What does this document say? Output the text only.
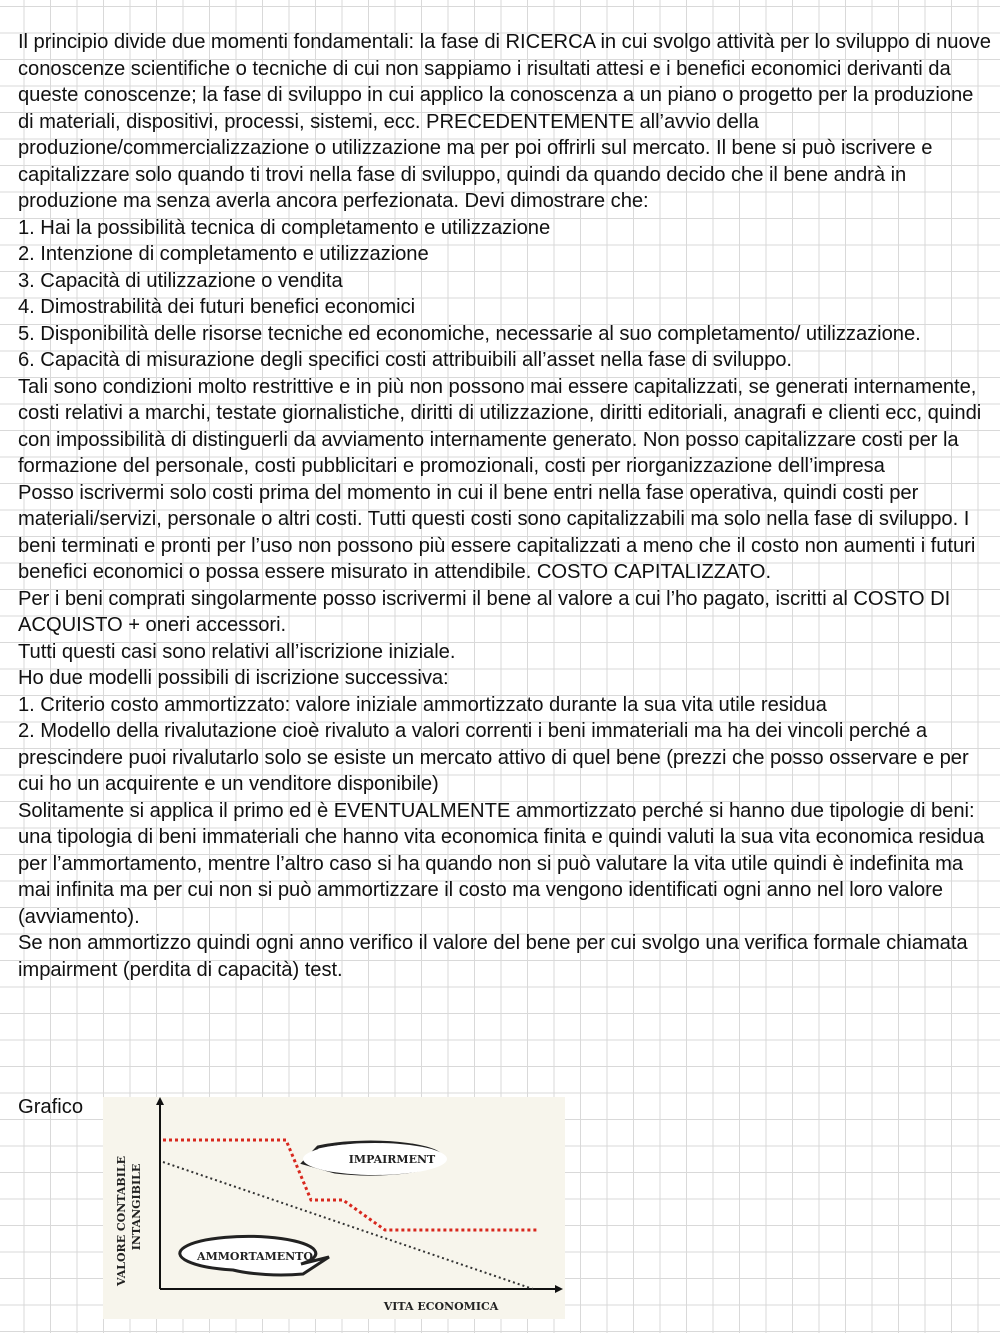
Il principio divide due momenti fondamentali: la fase di RICERCA in cui svolgo attività per lo sviluppo di nuove conoscenze scientifiche o tecniche di cui non sappiamo i risultati attesi e i benefici economici derivanti da queste conoscenze; la fase di sviluppo in cui applico la conoscenza a un piano o progetto per la produzione di materiali, dispositivi, processi, sistemi, ecc. PRECEDENTEMENTE all’avvio della produzione/commercializzazione o utilizzazione ma per poi offrirli sul mercato. Il bene si può iscrivere e capitalizzare solo quando ti trovi nella fase di sviluppo, quindi da quando decido che il bene andrà in produzione ma senza averla ancora perfezionata. Devi dimostrare che:

1. Hai la possibilità tecnica di completamento e utilizzazione

2. Intenzione di completamento e utilizzazione

3. Capacità di utilizzazione o vendita

4. Dimostrabilità dei futuri benefici economici

5. Disponibilità delle risorse tecniche ed economiche, necessarie al suo completamento/ utilizzazione.

6. Capacità di misurazione degli specifici costi attribuibili all’asset nella fase di sviluppo.

Tali sono condizioni molto restrittive e in più non possono mai essere capitalizzati, se generati internamente, costi relativi a marchi, testate giornalistiche, diritti di utilizzazione, diritti editoriali, anagrafi e clienti ecc, quindi con impossibilità di distinguerli da avviamento internamente generato. Non posso capitalizzare costi per la formazione del personale, costi pubblicitari e promozionali, costi per riorganizzazione dell’impresa

Posso iscrivermi solo costi prima del momento in cui il bene entri nella fase operativa, quindi costi per materiali/servizi, personale o altri costi. Tutti questi costi sono capitalizzabili ma solo nella fase di sviluppo. I beni terminati e pronti per l’uso non possono più essere capitalizzati a meno che il costo non aumenti i futuri benefici economici o possa essere misurato in attendibile. COSTO CAPITALIZZATO.

Per i beni comprati singolarmente posso iscrivermi il bene al valore a cui l’ho pagato, iscritti al COSTO DI ACQUISTO + oneri accessori.

Tutti questi casi sono relativi all’iscrizione iniziale.

Ho due modelli possibili di iscrizione successiva:

1. Criterio costo ammortizzato: valore iniziale ammortizzato durante la sua vita utile residua

2. Modello della rivalutazione cioè rivaluto a valori correnti i beni immateriali ma ha dei vincoli perché a prescindere puoi rivalutarlo solo se esiste un mercato attivo di quel bene (prezzi che posso osservare e per cui ho un acquirente e un venditore disponibile)

Solitamente si applica il primo ed è EVENTUALMENTE ammortizzato perché si hanno due tipologie di beni: una tipologia di beni immateriali che hanno vita economica finita e quindi valuti la sua vita economica residua per l’ammortamento, mentre l’altro caso si ha quando non si può valutare la vita utile quindi è indefinita ma mai infinita ma per cui non si può ammortizzare il costo ma vengono identificati ogni anno nel loro valore (avviamento).

Se non ammortizzo quindi ogni anno verifico il valore del bene per cui svolgo una verifica formale chiamata impairment (perdita di capacità) test.

Grafico
IMPAIRMENT
AMMORTAMENTO
VALORE CONTABILE INTANGIBILE
VITA ECONOMICA
